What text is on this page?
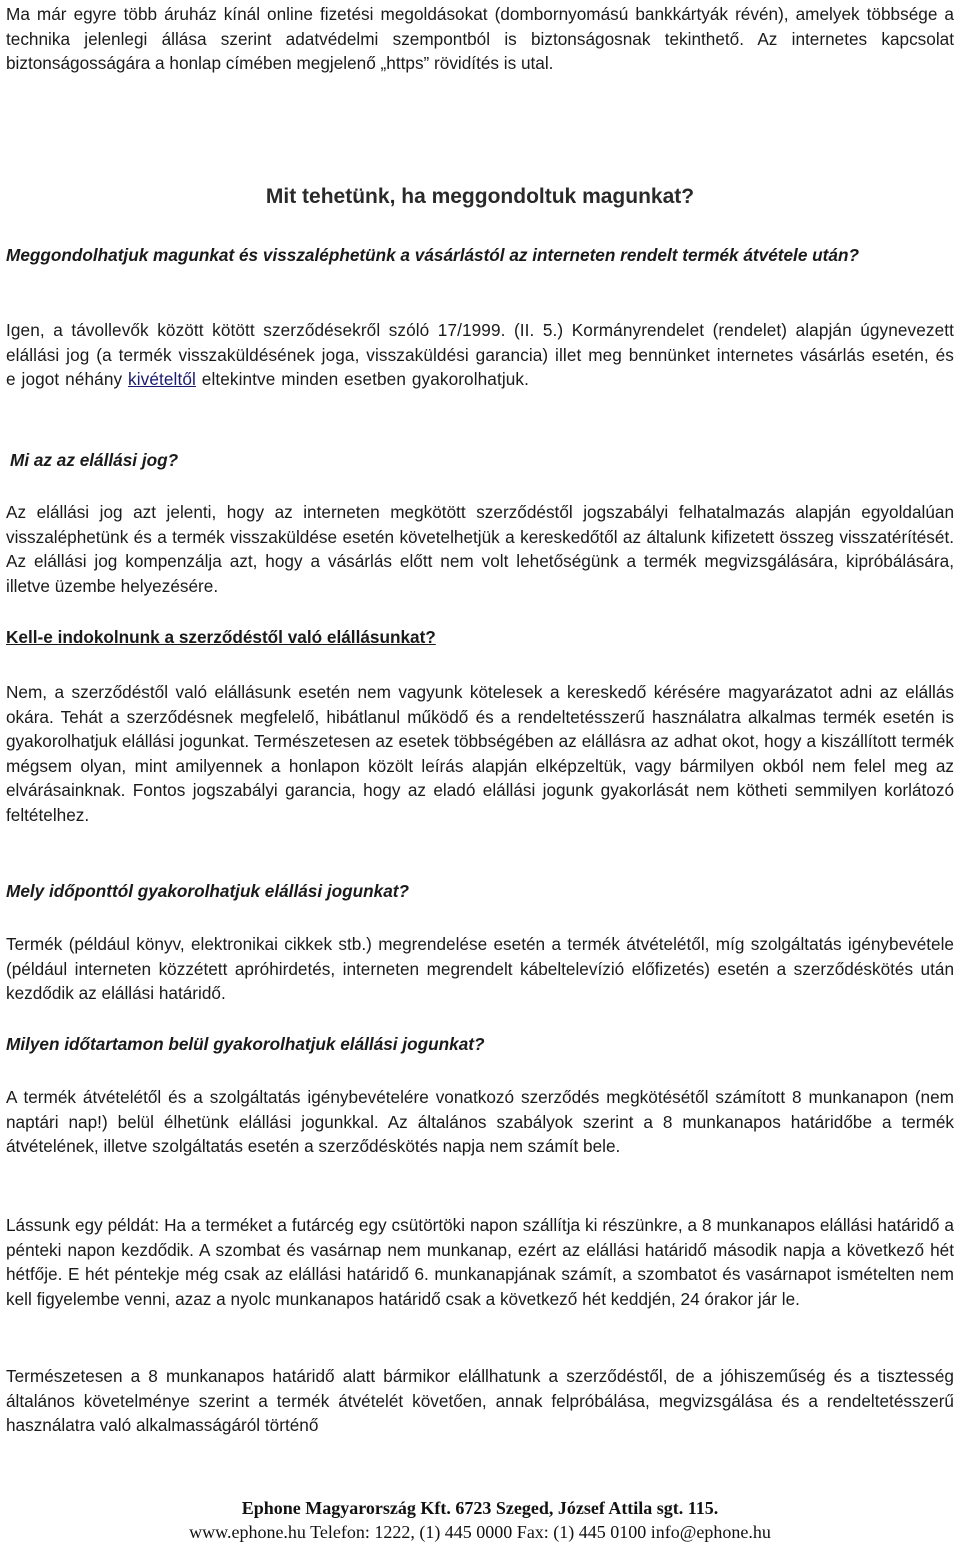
Ma már egyre több áruház kínál online fizetési megoldásokat (dombornyomású bankkártyák révén), amelyek többsége a technika jelenlegi állása szerint adatvédelmi szempontból is biztonságosnak tekinthető. Az internetes kapcsolat biztonságosságára a honlap címében megjelenő „https” rövidítés is utal.

Mit tehetünk, ha meggondoltuk magunkat?

Meggondolhatjuk magunkat és visszaléphetünk a vásárlástól az interneten rendelt termék átvétele után?

Igen, a távollevők között kötött szerződésekről szóló 17/1999. (II. 5.) Kormányrendelet (rendelet) alapján úgynevezett elállási jog (a termék visszaküldésének joga, visszaküldési garancia) illet meg bennünket internetes vásárlás esetén, és e jogot néhány kivételtől eltekintve minden esetben gyakorolhatjuk.

Mi az az elállási jog?

Az elállási jog azt jelenti, hogy az interneten megkötött szerződéstől jogszabályi felhatalmazás alapján egyoldalúan visszaléphetünk és a termék visszaküldése esetén követelhetjük a kereskedőtől az általunk kifizetett összeg visszatérítését. Az elállási jog kompenzálja azt, hogy a vásárlás előtt nem volt lehetőségünk a termék megvizsgálására, kipróbálására, illetve üzembe helyezésére.

Kell-e indokolnunk a szerződéstől való elállásunkat?

Nem, a szerződéstől való elállásunk esetén nem vagyunk kötelesek a kereskedő kérésére magyarázatot adni az elállás okára. Tehát a szerződésnek megfelelő, hibátlanul működő és a rendeltetésszerű használatra alkalmas termék esetén is gyakorolhatjuk elállási jogunkat. Természetesen az esetek többségében az elállásra az adhat okot, hogy a kiszállított termék mégsem olyan, mint amilyennek a honlapon közölt leírás alapján elképzeltük, vagy bármilyen okból nem felel meg az elvárásainknak. Fontos jogszabályi garancia, hogy az eladó elállási jogunk gyakorlását nem kötheti semmilyen korlátozó feltételhez.

Mely időponttól gyakorolhatjuk elállási jogunkat?

Termék (például könyv, elektronikai cikkek stb.) megrendelése esetén a termék átvételétől, míg szolgáltatás igénybevétele (például interneten közzétett apróhirdetés, interneten megrendelt kábeltelevízió előfizetés) esetén a szerződéskötés után kezdődik az elállási határidő.

Milyen időtartamon belül gyakorolhatjuk elállási jogunkat?

A termék átvételétől és a szolgáltatás igénybevételére vonatkozó szerződés megkötésétől számított 8 munkanapon (nem naptári nap!) belül élhetünk elállási jogunkkal. Az általános szabályok szerint a 8 munkanapos határidőbe a termék átvételének, illetve szolgáltatás esetén a szerződéskötés napja nem számít bele.

Lássunk egy példát: Ha a terméket a futárcég egy csütörtöki napon szállítja ki részünkre, a 8 munkanapos elállási határidő a pénteki napon kezdődik. A szombat és vasárnap nem munkanap, ezért az elállási határidő második napja a következő hét hétfője. E hét péntekje még csak az elállási határidő 6. munkanapjának számít, a szombatot és vasárnapot ismételten nem kell figyelembe venni, azaz a nyolc munkanapos határidő csak a következő hét keddjén, 24 órakor jár le.

Természetesen a 8 munkanapos határidő alatt bármikor elállhatunk a szerződéstől, de a jóhiszeműség és a tisztesség általános követelménye szerint a termék átvételét követően, annak felpróbálása, megvizsgálása és a rendeltetésszerű használatra való alkalmasságáról történő

Ephone Magyarország Kft. 6723 Szeged, József Attila sgt. 115.
www.ephone.hu Telefon: 1222, (1) 445 0000 Fax: (1) 445 0100 info@ephone.hu
